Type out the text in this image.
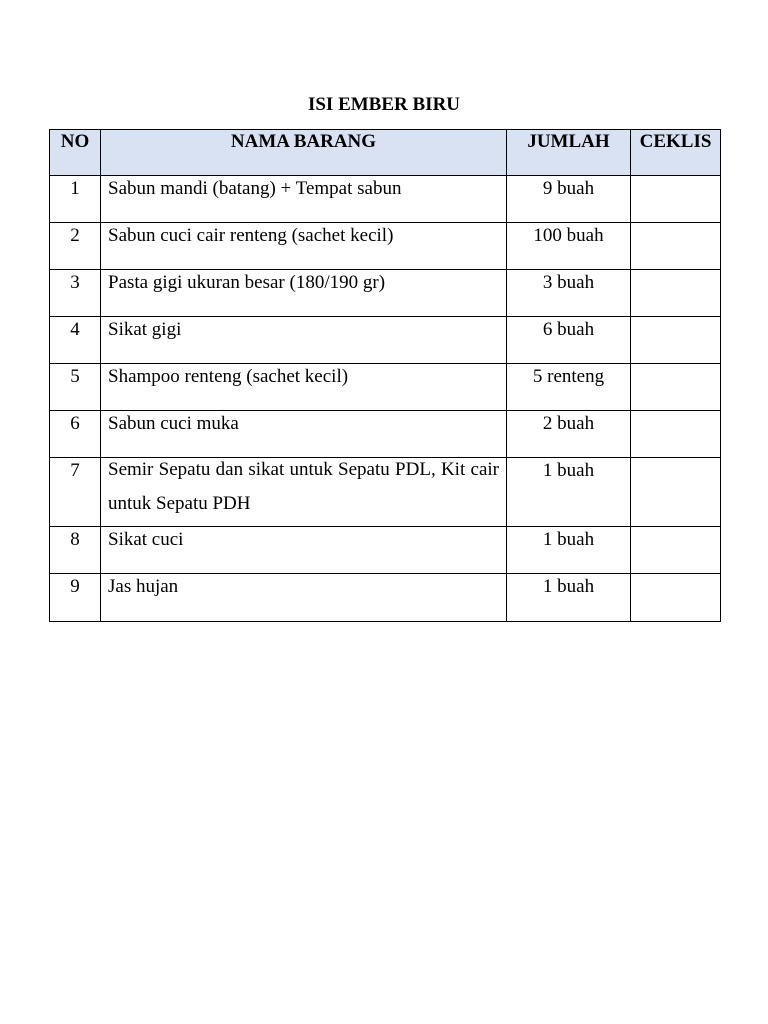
ISI EMBER BIRU
NO	NAMA BARANG	JUMLAH	CEKLIS
1	Sabun mandi (batang) + Tempat sabun	9 buah	
2	Sabun cuci cair renteng (sachet kecil)	100 buah	
3	Pasta gigi ukuran besar (180/190 gr)	3 buah	
4	Sikat gigi	6 buah	
5	Shampoo renteng (sachet kecil)	5 renteng	
6	Sabun cuci muka	2 buah	
7	Semir Sepatu dan sikat untuk Sepatu PDL, Kit cair untuk Sepatu PDH	1 buah	
8	Sikat cuci	1 buah	
9	Jas hujan	1 buah	
